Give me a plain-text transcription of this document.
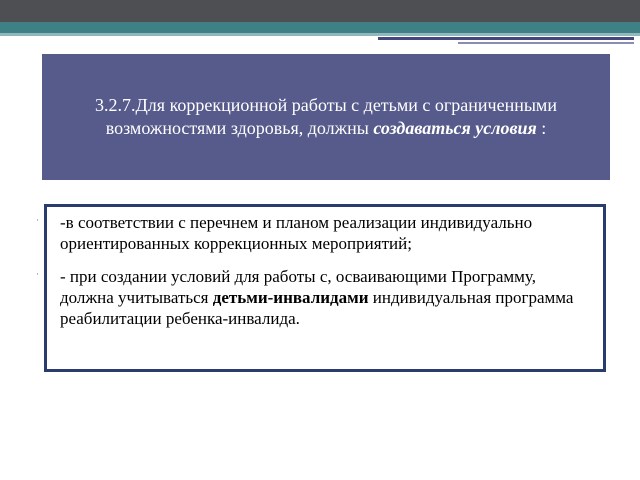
3.2.7.Для коррекционной работы с детьми с ограниченными возможностями здоровья, должны создаваться условия :

· -в соответствии с перечнем и планом реализации индивидуально ориентированных коррекционных мероприятий;
· - при создании условий для работы с, осваивающими Программу, должна учитываться детьми-инвалидами индивидуальная программа реабилитации ребенка-инвалида.
